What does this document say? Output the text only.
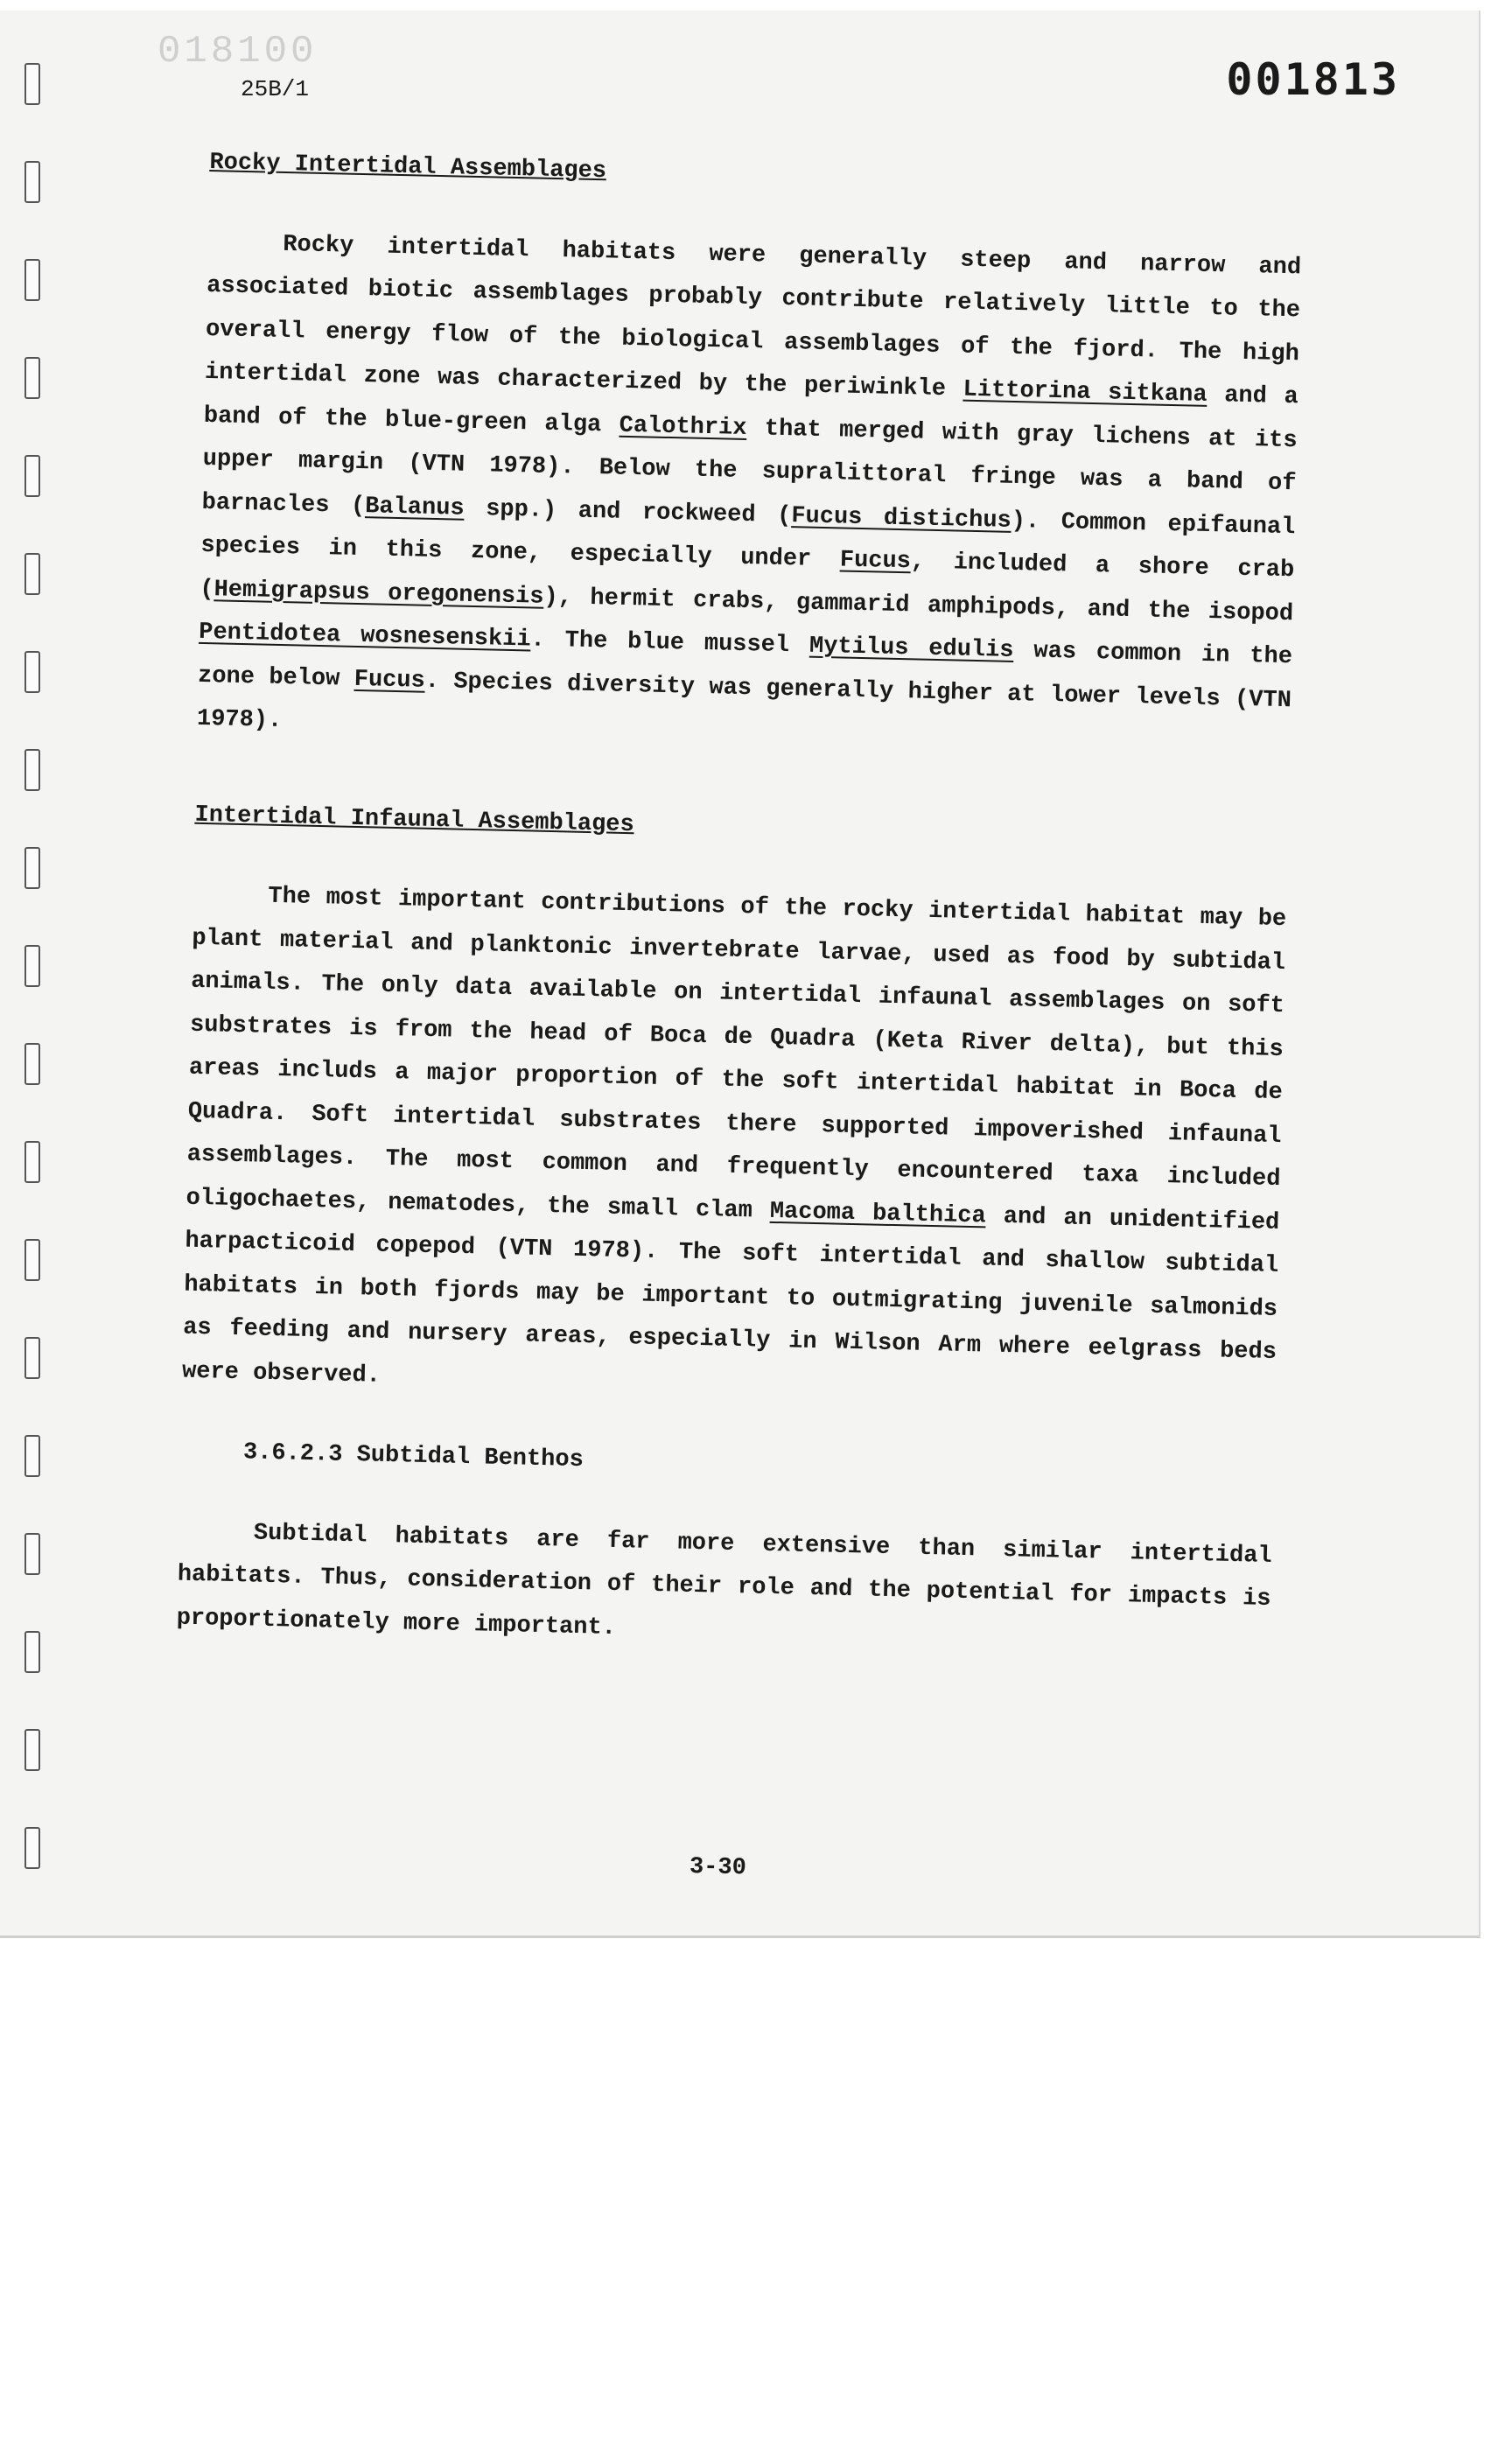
018100
25B/1	001813

Rocky Intertidal Assemblages

Rocky intertidal habitats were generally steep and narrow and associated biotic assemblages probably contribute relatively little to the overall energy flow of the biological assemblages of the fjord. The high intertidal zone was characterized by the periwinkle Littorina sitkana and a band of the blue-green alga Calothrix that merged with gray lichens at its upper margin (VTN 1978). Below the supralittoral fringe was a band of barnacles (Balanus spp.) and rockweed (Fucus distichus). Common epifaunal species in this zone, especially under Fucus, included a shore crab (Hemigrapsus oregonensis), hermit crabs, gammarid amphipods, and the isopod Pentidotea wosnesenskii. The blue mussel Mytilus edulis was common in the zone below Fucus. Species diversity was generally higher at lower levels (VTN 1978).

Intertidal Infaunal Assemblages

The most important contributions of the rocky intertidal habitat may be plant material and planktonic invertebrate larvae, used as food by subtidal animals. The only data available on intertidal infaunal assemblages on soft substrates is from the head of Boca de Quadra (Keta River delta), but this areas includs a major proportion of the soft intertidal habitat in Boca de Quadra. Soft intertidal substrates there supported impoverished infaunal assemblages. The most common and frequently encountered taxa included oligochaetes, nematodes, the small clam Macoma balthica and an unidentified harpacticoid copepod (VTN 1978). The soft intertidal and shallow subtidal habitats in both fjords may be important to outmigrating juvenile salmonids as feeding and nursery areas, especially in Wilson Arm where eelgrass beds were observed.

3.6.2.3 Subtidal Benthos

Subtidal habitats are far more extensive than similar intertidal habitats. Thus, consideration of their role and the potential for impacts is proportionately more important.

3-30
